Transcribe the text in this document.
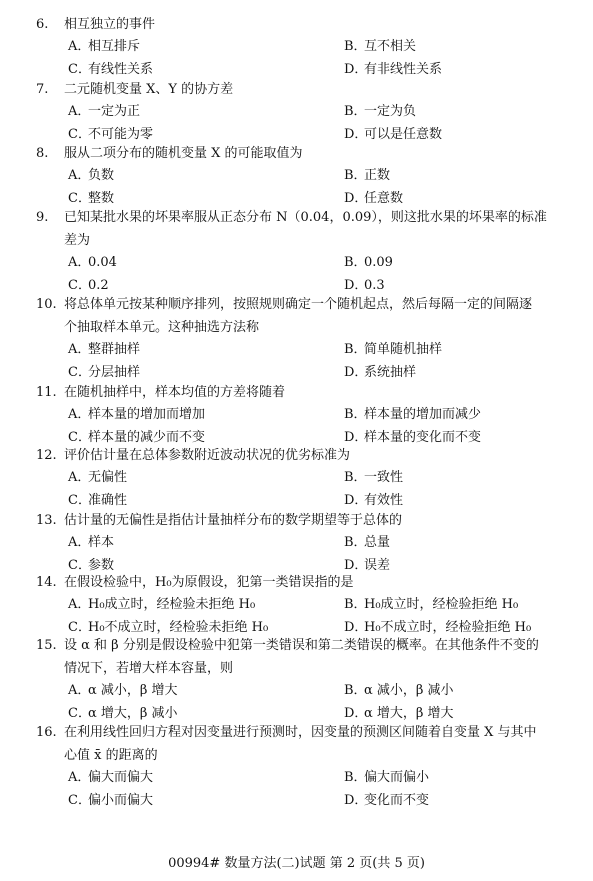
6. 相互独立的事件
A．相互排斥	B．互不相关
C．有线性关系	D．有非线性关系
7. 二元随机变量 X、Y 的协方差
A．一定为正	B．一定为负
C．不可能为零	D．可以是任意数
8. 服从二项分布的随机变量 X 的可能取值为
A．负数	B．正数
C．整数	D．任意数
9. 已知某批水果的坏果率服从正态分布 N（0.04，0.09），则这批水果的坏果率的标准
差为
A．0.04	B．0.09
C．0.2	D．0.3
10. 将总体单元按某种顺序排列，按照规则确定一个随机起点，然后每隔一定的间隔逐
个抽取样本单元。这种抽选方法称
A．整群抽样	B．简单随机抽样
C．分层抽样	D．系统抽样
11. 在随机抽样中，样本均值的方差将随着
A．样本量的增加而增加	B．样本量的增加而减少
C．样本量的减少而不变	D．样本量的变化而不变
12. 评价估计量在总体参数附近波动状况的优劣标准为
A．无偏性	B．一致性
C．准确性	D．有效性
13. 估计量的无偏性是指估计量抽样分布的数学期望等于总体的
A．样本	B．总量
C．参数	D．误差
14. 在假设检验中，H₀为原假设，犯第一类错误指的是
A．H₀成立时，经检验未拒绝 H₀	B．H₀成立时，经检验拒绝 H₀
C．H₀不成立时，经检验未拒绝 H₀	D．H₀不成立时，经检验拒绝 H₀
15. 设 α 和 β 分别是假设检验中犯第一类错误和第二类错误的概率。在其他条件不变的
情况下，若增大样本容量，则
A．α 减小，β 增大	B．α 减小，β 减小
C．α 增大，β 减小	D．α 增大，β 增大
16. 在利用线性回归方程对因变量进行预测时，因变量的预测区间随着自变量 X 与其中
心值 x̄ 的距离的
A．偏大而偏大	B．偏大而偏小
C．偏小而偏大	D．变化而不变
00994# 数量方法(二)试题 第 2 页(共 5 页)
